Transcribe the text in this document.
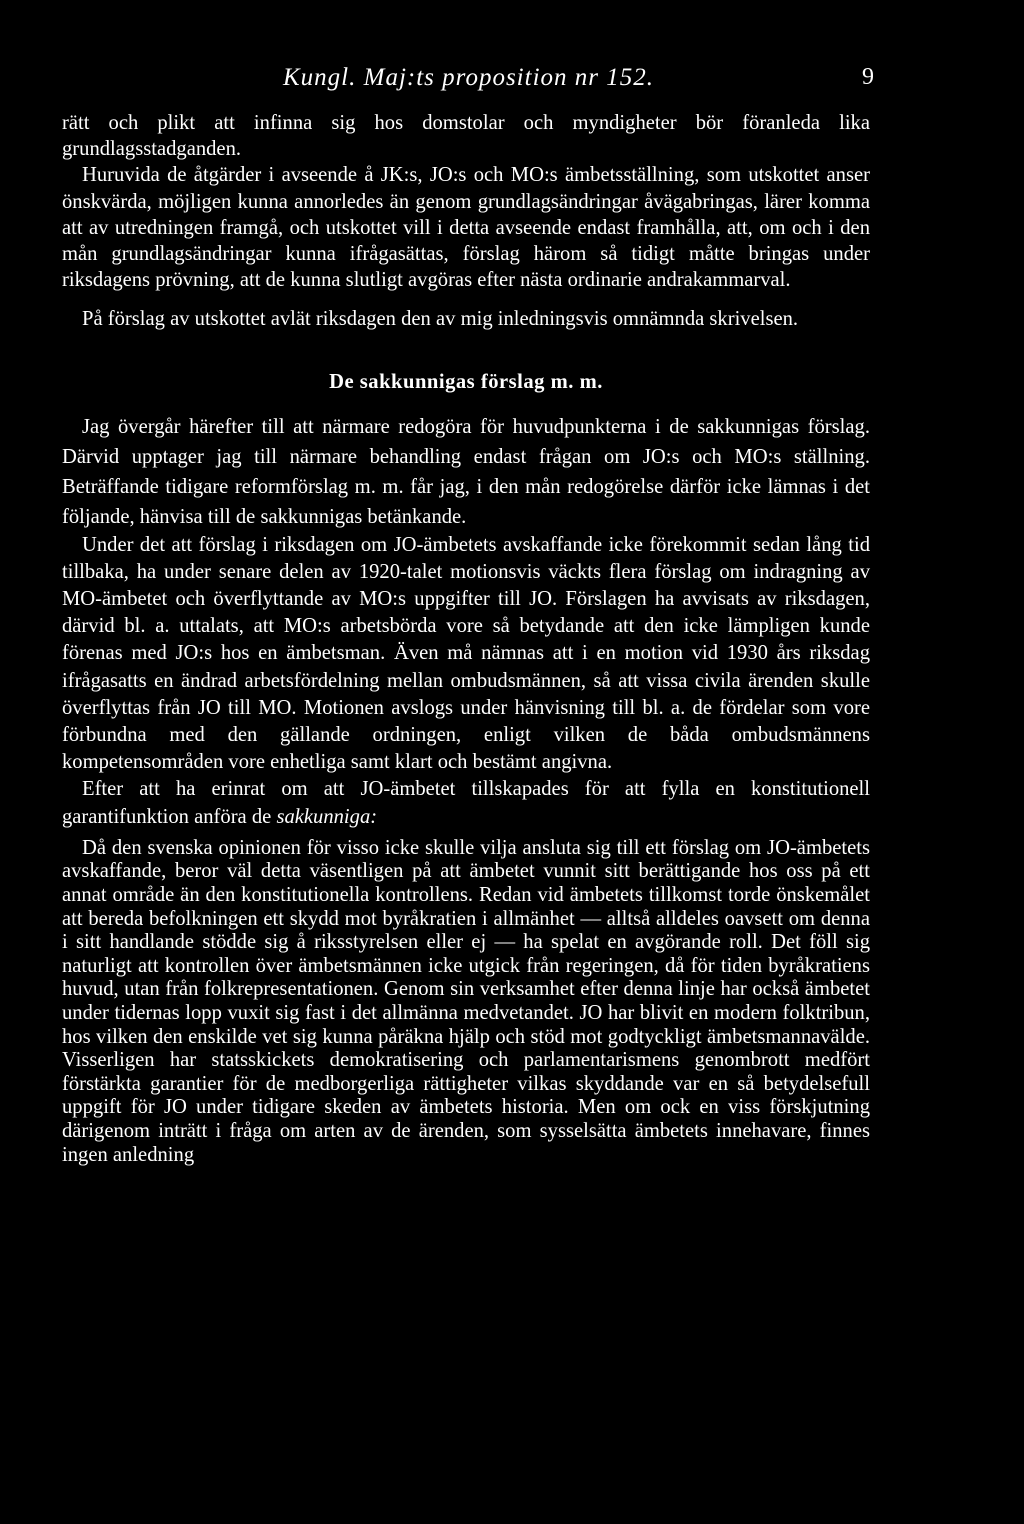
Kungl. Maj:ts proposition nr 152.	9

rätt och plikt att infinna sig hos domstolar och myndigheter bör föranleda lika grundlagsstadganden.

Huruvida de åtgärder i avseende å JK:s, JO:s och MO:s ämbetsställning, som utskottet anser önskvärda, möjligen kunna annorledes än genom grundlagsändringar åvägabringas, lärer komma att av utredningen framgå, och utskottet vill i detta avseende endast framhålla, att, om och i den mån grundlagsändringar kunna ifrågasättas, förslag härom så tidigt måtte bringas under riksdagens prövning, att de kunna slutligt avgöras efter nästa ordinarie andrakammarval.

På förslag av utskottet avlät riksdagen den av mig inledningsvis omnämnda skrivelsen.

De sakkunnigas förslag m. m.

Jag övergår härefter till att närmare redogöra för huvudpunkterna i de sakkunnigas förslag. Därvid upptager jag till närmare behandling endast frågan om JO:s och MO:s ställning. Beträffande tidigare reformförslag m. m. får jag, i den mån redogörelse därför icke lämnas i det följande, hänvisa till de sakkunnigas betänkande.

Under det att förslag i riksdagen om JO-ämbetets avskaffande icke förekommit sedan lång tid tillbaka, ha under senare delen av 1920-talet motionsvis väckts flera förslag om indragning av MO-ämbetet och överflyttande av MO:s uppgifter till JO. Förslagen ha avvisats av riksdagen, därvid bl. a. uttalats, att MO:s arbetsbörda vore så betydande att den icke lämpligen kunde förenas med JO:s hos en ämbetsman. Även må nämnas att i en motion vid 1930 års riksdag ifrågasatts en ändrad arbetsfördelning mellan ombudsmännen, så att vissa civila ärenden skulle överflyttas från JO till MO. Motionen avslogs under hänvisning till bl. a. de fördelar som vore förbundna med den gällande ordningen, enligt vilken de båda ombudsmännens kompetensområden vore enhetliga samt klart och bestämt angivna.

Efter att ha erinrat om att JO-ämbetet tillskapades för att fylla en konstitutionell garantifunktion anföra de sakkunniga:

Då den svenska opinionen för visso icke skulle vilja ansluta sig till ett förslag om JO-ämbetets avskaffande, beror väl detta väsentligen på att ämbetet vunnit sitt berättigande hos oss på ett annat område än den konstitutionella kontrollens. Redan vid ämbetets tillkomst torde önskemålet att bereda befolkningen ett skydd mot byråkratien i allmänhet — alltså alldeles oavsett om denna i sitt handlande stödde sig å riksstyrelsen eller ej — ha spelat en avgörande roll. Det föll sig naturligt att kontrollen över ämbetsmännen icke utgick från regeringen, då för tiden byråkratiens huvud, utan från folkrepresentationen. Genom sin verksamhet efter denna linje har också ämbetet under tidernas lopp vuxit sig fast i det allmänna medvetandet. JO har blivit en modern folktribun, hos vilken den enskilde vet sig kunna påräkna hjälp och stöd mot godtyckligt ämbetsmannavälde. Visserligen har statsskickets demokratisering och parlamentarismens genombrott medfört förstärkta garantier för de medborgerliga rättigheter vilkas skyddande var en så betydelsefull uppgift för JO under tidigare skeden av ämbetets historia. Men om ock en viss förskjutning därigenom inträtt i fråga om arten av de ärenden, som sysselsätta ämbetets innehavare, finnes ingen anledning
